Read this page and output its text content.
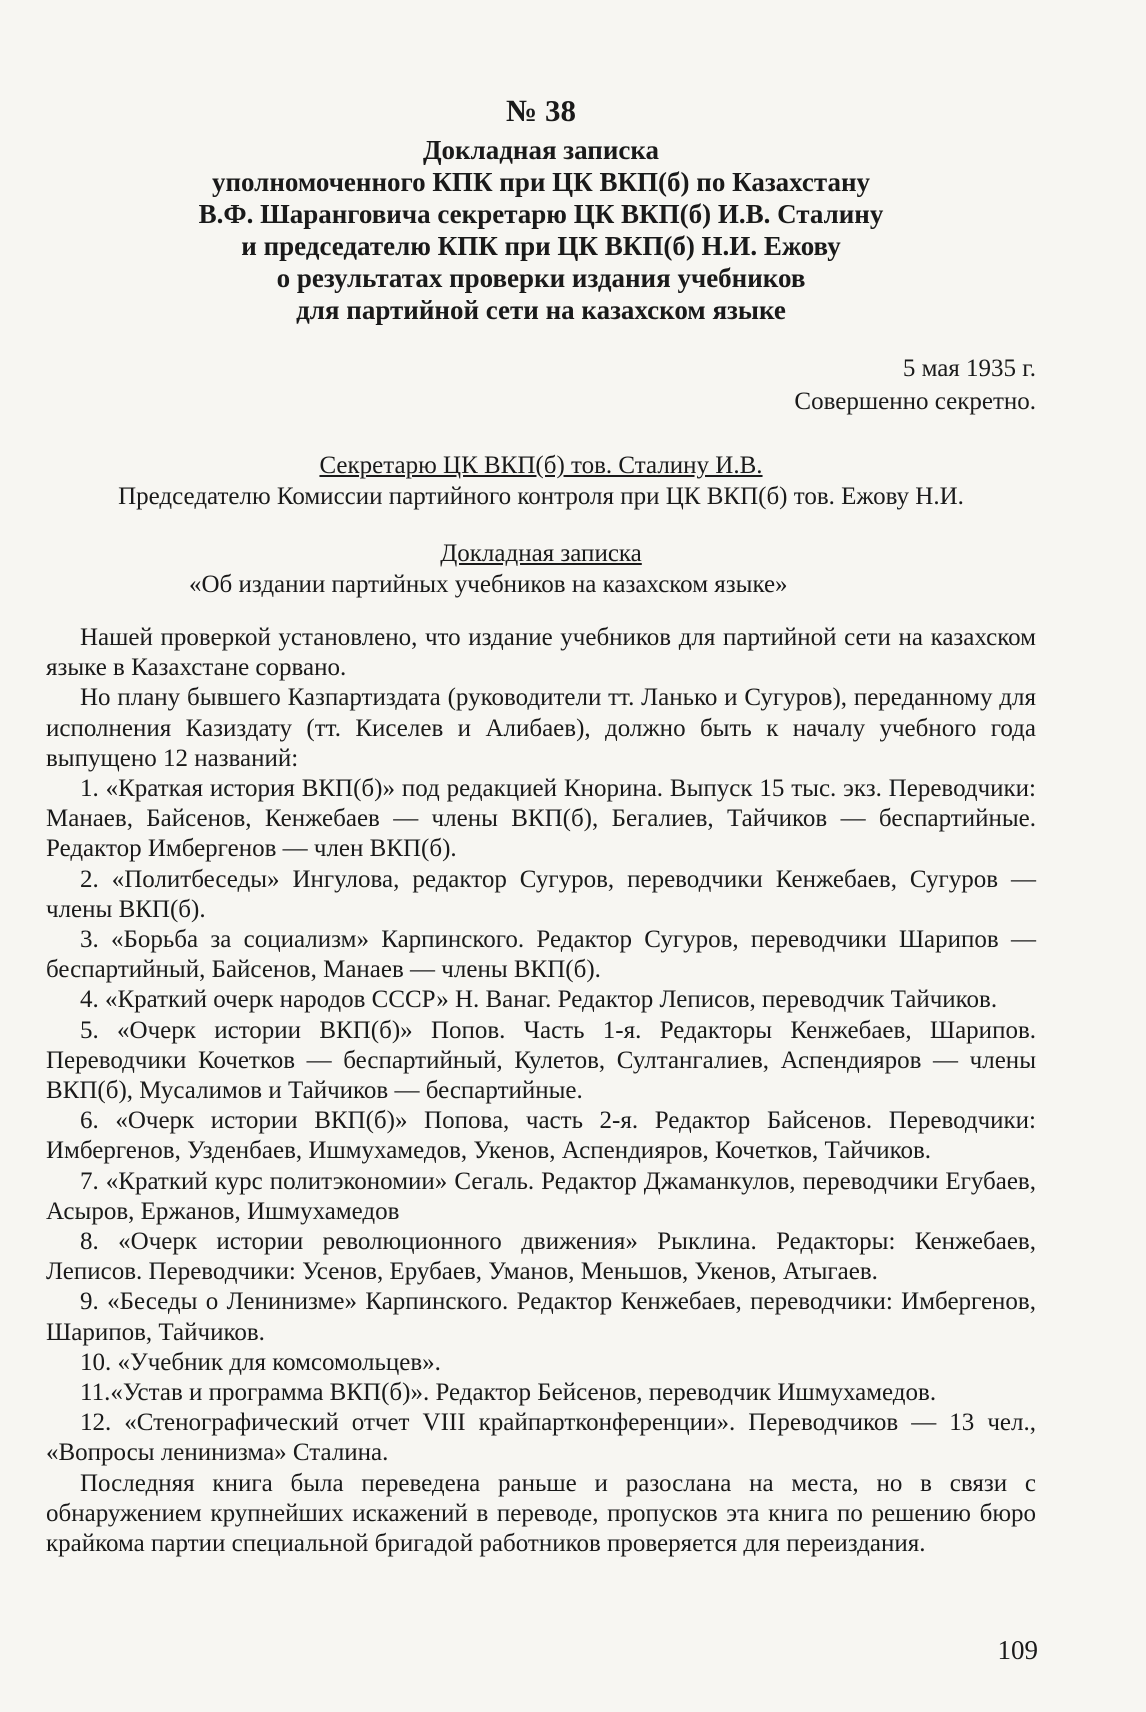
№ 38
Докладная записка
уполномоченного КПК при ЦК ВКП(б) по Казахстану
В.Ф. Шаранговича секретарю ЦК ВКП(б) И.В. Сталину
и председателю КПК при ЦК ВКП(б) Н.И. Ежову
о результатах проверки издания учебников
для партийной сети на казахском языке
5 мая 1935 г.
Совершенно секретно.
Секретарю ЦК ВКП(б) тов. Сталину И.В.
Председателю Комиссии партийного контроля при ЦК ВКП(б) тов. Ежову Н.И.
Докладная записка
«Об издании партийных учебников на казахском языке»

Нашей проверкой установлено, что издание учебников для партийной сети на казахском языке в Казахстане сорвано.

Но плану бывшего Казпартиздата (руководители тт. Ланько и Сугуров), переданному для исполнения Казиздату (тт. Киселев и Алибаев), должно быть к началу учебного года выпущено 12 названий:

1. «Краткая история ВКП(б)» под редакцией Кнорина. Выпуск 15 тыс. экз. Переводчики: Манаев, Байсенов, Кенжебаев — члены ВКП(б), Бегалиев, Тайчиков — беспартийные. Редактор Имбергенов — член ВКП(б).

2. «Политбеседы» Ингулова, редактор Сугуров, переводчики Кенжебаев, Сугуров — члены ВКП(б).

3. «Борьба за социализм» Карпинского. Редактор Сугуров, переводчики Шарипов — беспартийный, Байсенов, Манаев — члены ВКП(б).

4. «Краткий очерк народов СССР» Н. Ванаг. Редактор Леписов, переводчик Тайчиков.

5. «Очерк истории ВКП(б)» Попов. Часть 1-я. Редакторы Кенжебаев, Шарипов. Переводчики Кочетков — беспартийный, Кулетов, Султангалиев, Аспендияров — члены ВКП(б), Мусалимов и Тайчиков — беспартийные.

6. «Очерк истории ВКП(б)» Попова, часть 2-я. Редактор Байсенов. Переводчики: Имбергенов, Узденбаев, Ишмухамедов, Укенов, Аспендияров, Кочетков, Тайчиков.

7. «Краткий курс политэкономии» Сегаль. Редактор Джаманкулов, переводчики Егубаев, Асыров, Ержанов, Ишмухамедов

8. «Очерк истории революционного движения» Рыклина. Редакторы: Кенжебаев, Леписов. Переводчики: Усенов, Ерубаев, Уманов, Меньшов, Укенов, Атыгаев.

9. «Беседы о Ленинизме» Карпинского. Редактор Кенжебаев, переводчики: Имбергенов, Шарипов, Тайчиков.

10. «Учебник для комсомольцев».

11.«Устав и программа ВКП(б)». Редактор Бейсенов, переводчик Ишмухамедов.

12. «Стенографический отчет VIII крайпартконференции». Переводчиков — 13 чел., «Вопросы ленинизма» Сталина.

Последняя книга была переведена раньше и разослана на места, но в связи с обнаружением крупнейших искажений в переводе, пропусков эта книга по решению бюро крайкома партии специальной бригадой работников проверяется для переиздания.

109
